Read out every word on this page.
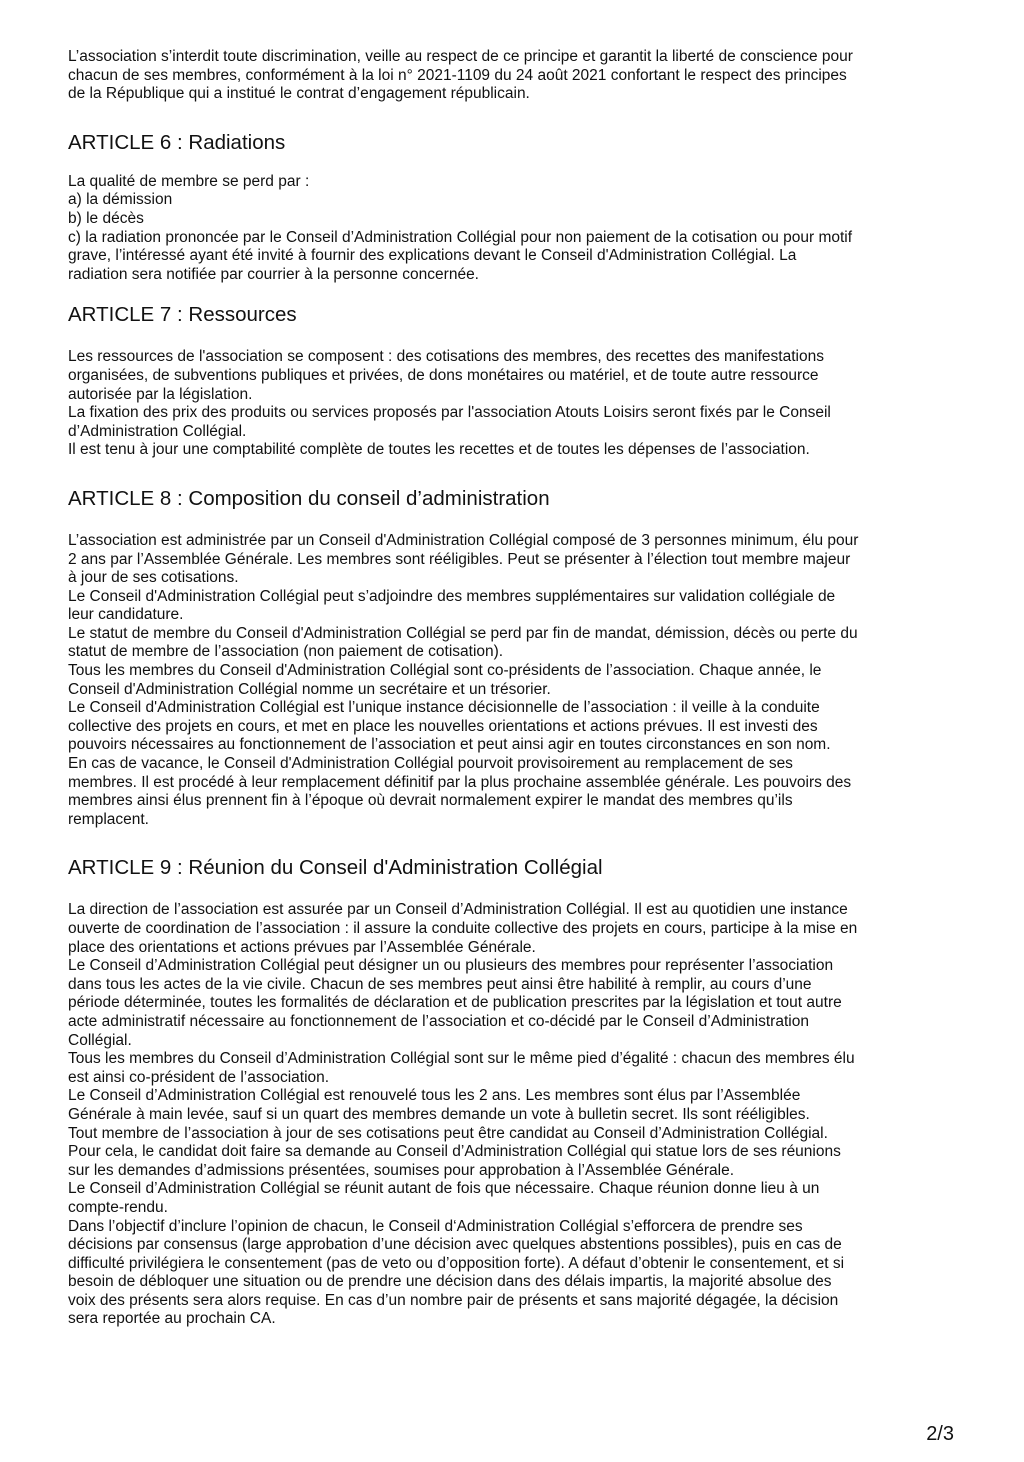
L’association s’interdit toute discrimination, veille au respect de ce principe et garantit la liberté de conscience pour
chacun de ses membres, conformément à la loi n° 2021-1109 du 24 août 2021 confortant le respect des principes
de la République qui a institué le contrat d’engagement républicain.
ARTICLE 6 : Radiations
La qualité de membre se perd par :
a) la démission
b) le décès
c) la radiation prononcée par le Conseil d’Administration Collégial pour non paiement de la cotisation ou pour motif
grave, l’intéressé ayant été invité à fournir des explications devant le Conseil d'Administration Collégial. La
radiation sera notifiée par courrier à la personne concernée.
ARTICLE 7 : Ressources
Les ressources de l'association se composent : des cotisations des membres, des recettes des manifestations
organisées, de subventions publiques et privées, de dons monétaires ou matériel, et de toute autre ressource
autorisée par la législation.
La fixation des prix des produits ou services proposés par l'association Atouts Loisirs seront fixés par le Conseil
d’Administration Collégial.
Il est tenu à jour une comptabilité complète de toutes les recettes et de toutes les dépenses de l’association.
ARTICLE 8 : Composition du conseil d’administration
L’association est administrée par un Conseil d'Administration Collégial composé de 3 personnes minimum, élu pour
2 ans par l’Assemblée Générale. Les membres sont rééligibles. Peut se présenter à l’élection tout membre majeur
à jour de ses cotisations.
Le Conseil d'Administration Collégial peut s’adjoindre des membres supplémentaires sur validation collégiale de
leur candidature.
Le statut de membre du Conseil d'Administration Collégial se perd par fin de mandat, démission, décès ou perte du
statut de membre de l’association (non paiement de cotisation).
Tous les membres du Conseil d'Administration Collégial sont co-présidents de l’association. Chaque année, le
Conseil d'Administration Collégial nomme un secrétaire et un trésorier.
Le Conseil d'Administration Collégial est l’unique instance décisionnelle de l’association : il veille à la conduite
collective des projets en cours, et met en place les nouvelles orientations et actions prévues. Il est investi des
pouvoirs nécessaires au fonctionnement de l’association et peut ainsi agir en toutes circonstances en son nom.
En cas de vacance, le Conseil d'Administration Collégial pourvoit provisoirement au remplacement de ses
membres. Il est procédé à leur remplacement définitif par la plus prochaine assemblée générale. Les pouvoirs des
membres ainsi élus prennent fin à l’époque où devrait normalement expirer le mandat des membres qu’ils
remplacent.
ARTICLE 9 : Réunion du Conseil d'Administration Collégial
La direction de l’association est assurée par un Conseil d’Administration Collégial. Il est au quotidien une instance
ouverte de coordination de l’association : il assure la conduite collective des projets en cours, participe à la mise en
place des orientations et actions prévues par l’Assemblée Générale.
Le Conseil d’Administration Collégial peut désigner un ou plusieurs des membres pour représenter l’association
dans tous les actes de la vie civile. Chacun de ses membres peut ainsi être habilité à remplir, au cours d’une
période déterminée, toutes les formalités de déclaration et de publication prescrites par la législation et tout autre
acte administratif nécessaire au fonctionnement de l’association et co-décidé par le Conseil d’Administration
Collégial.
Tous les membres du Conseil d’Administration Collégial sont sur le même pied d’égalité : chacun des membres élu
est ainsi co-président de l’association.
Le Conseil d’Administration Collégial est renouvelé tous les 2 ans. Les membres sont élus par l’Assemblée
Générale à main levée, sauf si un quart des membres demande un vote à bulletin secret. Ils sont rééligibles.
Tout membre de l’association à jour de ses cotisations peut être candidat au Conseil d’Administration Collégial.
Pour cela, le candidat doit faire sa demande au Conseil d’Administration Collégial qui statue lors de ses réunions
sur les demandes d’admissions présentées, soumises pour approbation à l’Assemblée Générale.
Le Conseil d’Administration Collégial se réunit autant de fois que nécessaire. Chaque réunion donne lieu à un
compte-rendu.
Dans l’objectif d’inclure l’opinion de chacun, le Conseil d‘Administration Collégial s’efforcera de prendre ses
décisions par consensus (large approbation d’une décision avec quelques abstentions possibles), puis en cas de
difficulté privilégiera le consentement (pas de veto ou d’opposition forte). A défaut d’obtenir le consentement, et si
besoin de débloquer une situation ou de prendre une décision dans des délais impartis, la majorité absolue des
voix des présents sera alors requise. En cas d’un nombre pair de présents et sans majorité dégagée, la décision
sera reportée au prochain CA.
2/3
